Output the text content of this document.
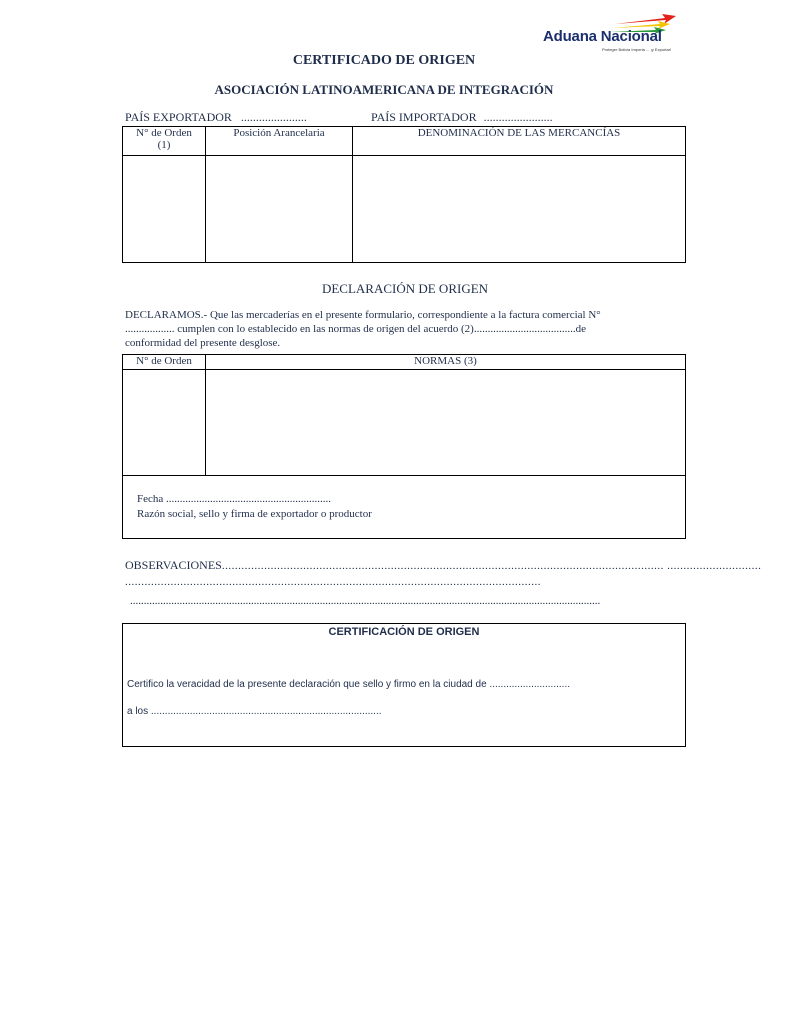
Aduana Nacional
Proteger Bolivia Importa ... ¡y Exportar!
CERTIFICADO DE ORIGEN
ASOCIACIÓN LATINOAMERICANA DE INTEGRACIÓN
PAÍS EXPORTADOR ......................	PAÍS IMPORTADOR .......................
N° de Orden
(1)	Posición Arancelaria	DENOMINACIÓN DE LAS MERCANCÍAS

DECLARACIÓN DE ORIGEN
DECLARAMOS.- Que las mercaderías en el presente formulario, correspondiente a la factura comercial N°
.................. cumplen con lo establecido en las normas de origen del acuerdo (2).....................................de
conformidad del presente desglose.
N° de Orden	NORMAS (3)

Fecha ............................................................
Razón social, sello y firma de exportador o productor	
OBSERVACIONES........................................................................................................................................ .............................
................................................................................................................................
...........................................................................................................................................................................
CERTIFICACIÓN DE ORIGEN
Certifico la veracidad de la presente declaración que sello y firmo en la ciudad de .............................
a los ...................................................................................
